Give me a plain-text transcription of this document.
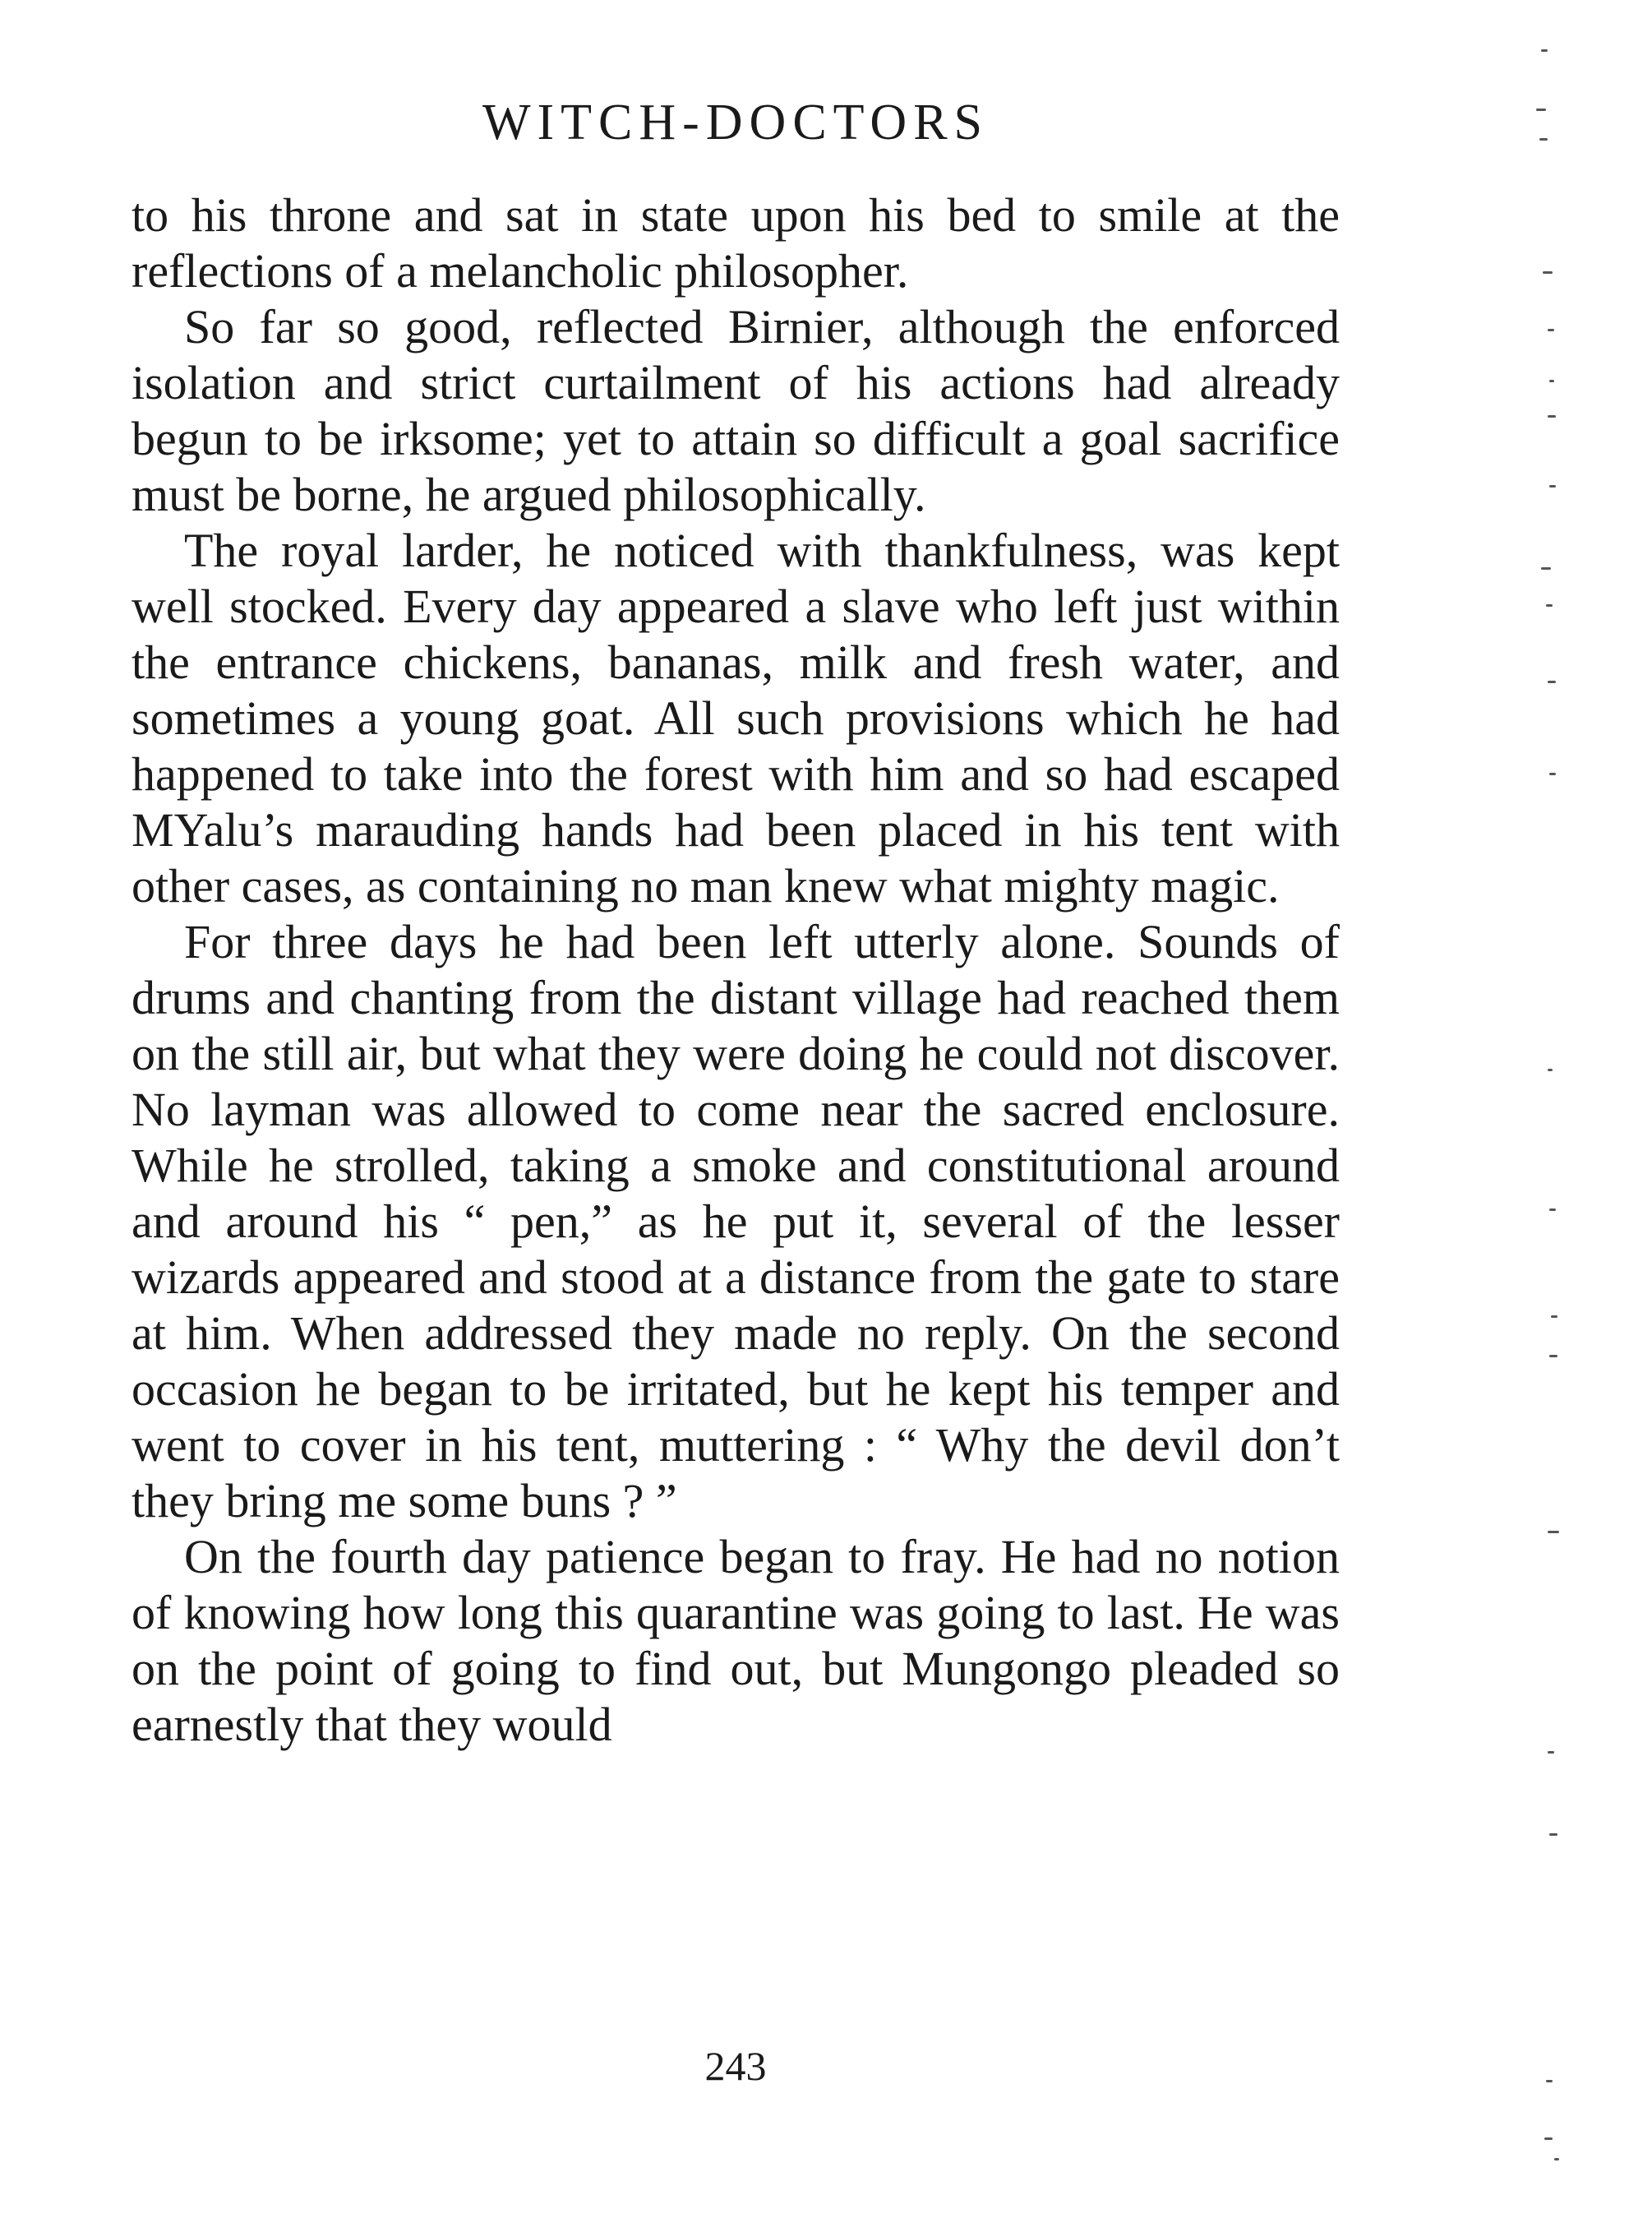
WITCH-DOCTORS

to his throne and sat in state upon his bed to smile at the reflections of a melancholic philosopher.

So far so good, reflected Birnier, although the enforced isolation and strict curtailment of his actions had already begun to be irksome; yet to attain so difficult a goal sacrifice must be borne, he argued philosophically.

The royal larder, he noticed with thankfulness, was kept well stocked. Every day appeared a slave who left just within the entrance chickens, bananas, milk and fresh water, and sometimes a young goat. All such provisions which he had happened to take into the forest with him and so had escaped MYalu’s marauding hands had been placed in his tent with other cases, as containing no man knew what mighty magic.

For three days he had been left utterly alone. Sounds of drums and chanting from the distant village had reached them on the still air, but what they were doing he could not discover. No layman was allowed to come near the sacred enclosure. While he strolled, taking a smoke and constitutional around and around his “ pen,” as he put it, several of the lesser wizards appeared and stood at a distance from the gate to stare at him. When addressed they made no reply. On the second occasion he began to be irritated, but he kept his temper and went to cover in his tent, muttering : “ Why the devil don’t they bring me some buns ? ”

On the fourth day patience began to fray. He had no notion of knowing how long this quarantine was going to last. He was on the point of going to find out, but Mungongo pleaded so earnestly that they would

243
